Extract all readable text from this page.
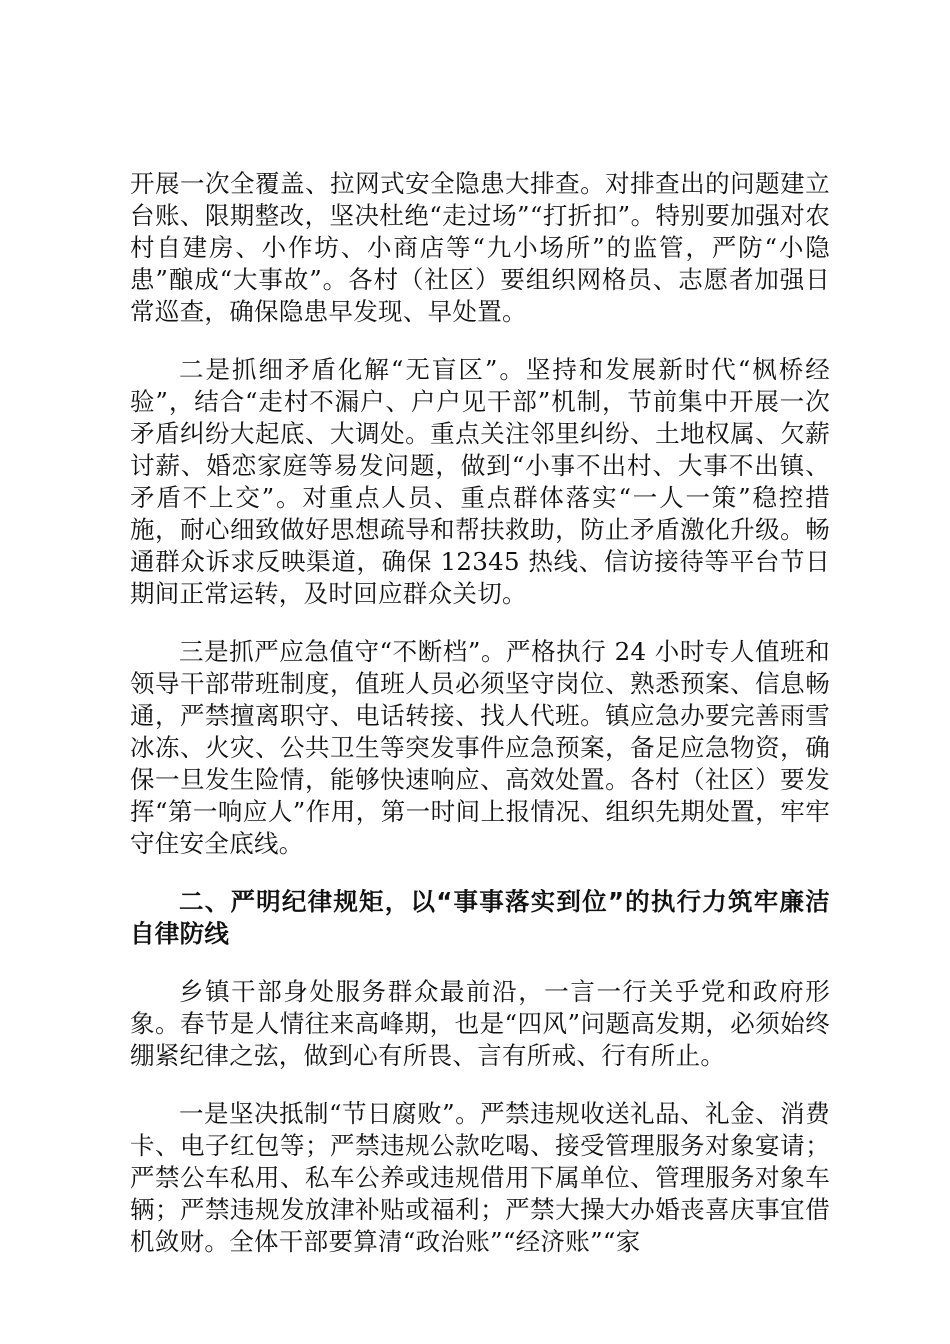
开展一次全覆盖、拉网式安全隐患大排查。对排查出的问题建立台账、限期整改，坚决杜绝“走过场”“打折扣”。特别要加强对农村自建房、小作坊、小商店等“九小场所”的监管，严防“小隐患”酿成“大事故”。各村（社区）要组织网格员、志愿者加强日常巡查，确保隐患早发现、早处置。

二是抓细矛盾化解“无盲区”。坚持和发展新时代“枫桥经验”，结合“走村不漏户、户户见干部”机制，节前集中开展一次矛盾纠纷大起底、大调处。重点关注邻里纠纷、土地权属、欠薪讨薪、婚恋家庭等易发问题，做到“小事不出村、大事不出镇、矛盾不上交”。对重点人员、重点群体落实“一人一策”稳控措施，耐心细致做好思想疏导和帮扶救助，防止矛盾激化升级。畅通群众诉求反映渠道，确保 12345 热线、信访接待等平台节日期间正常运转，及时回应群众关切。

三是抓严应急值守“不断档”。严格执行 24 小时专人值班和领导干部带班制度，值班人员必须坚守岗位、熟悉预案、信息畅通，严禁擅离职守、电话转接、找人代班。镇应急办要完善雨雪冰冻、火灾、公共卫生等突发事件应急预案，备足应急物资，确保一旦发生险情，能够快速响应、高效处置。各村（社区）要发挥“第一响应人”作用，第一时间上报情况、组织先期处置，牢牢守住安全底线。

二、严明纪律规矩，以“事事落实到位”的执行力筑牢廉洁自律防线

乡镇干部身处服务群众最前沿，一言一行关乎党和政府形象。春节是人情往来高峰期，也是“四风”问题高发期，必须始终绷紧纪律之弦，做到心有所畏、言有所戒、行有所止。

一是坚决抵制“节日腐败”。严禁违规收送礼品、礼金、消费卡、电子红包等；严禁违规公款吃喝、接受管理服务对象宴请；严禁公车私用、私车公养或违规借用下属单位、管理服务对象车辆；严禁违规发放津补贴或福利；严禁大操大办婚丧喜庆事宜借机敛财。全体干部要算清“政治账”“经济账”“家
